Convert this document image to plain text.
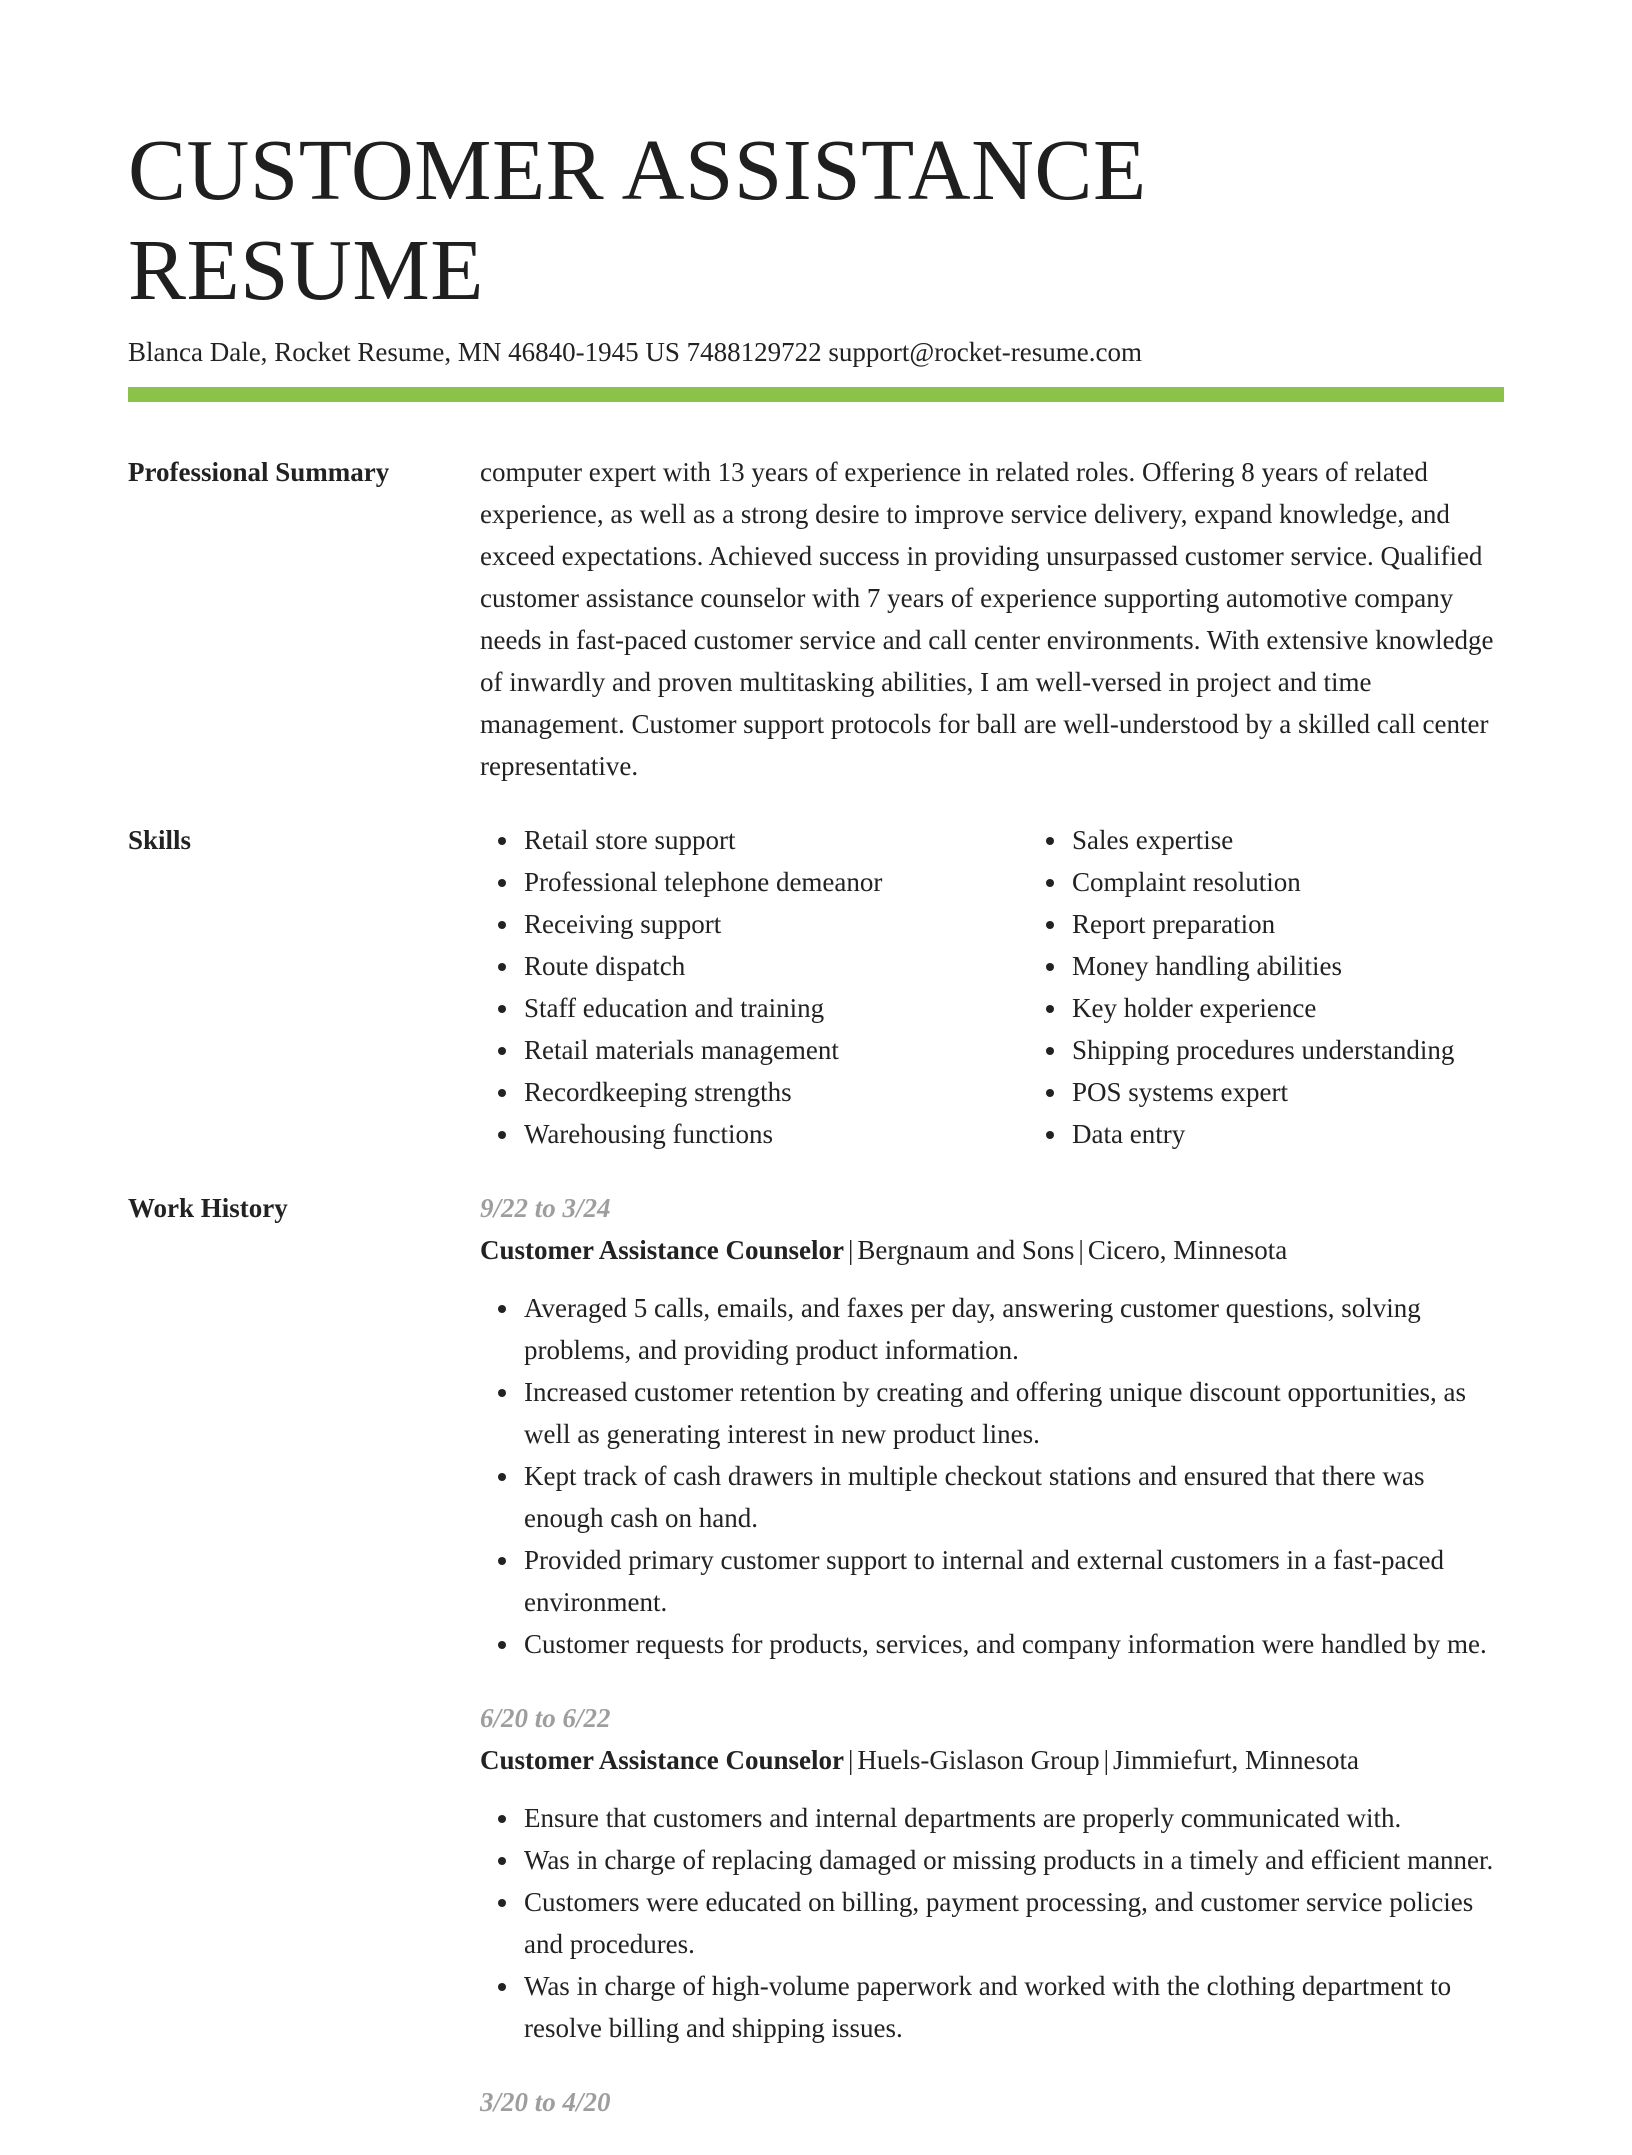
CUSTOMER ASSISTANCE RESUME
Blanca Dale, Rocket Resume, MN 46840-1945 US 7488129722 support@rocket-resume.com
Professional Summary	computer expert with 13 years of experience in related roles. Offering 8 years of related experience, as well as a strong desire to improve service delivery, expand knowledge, and exceed expectations. Achieved success in providing unsurpassed customer service. Qualified customer assistance counselor with 7 years of experience supporting automotive company needs in fast-paced customer service and call center environments. With extensive knowledge of inwardly and proven multitasking abilities, I am well-versed in project and time management. Customer support protocols for ball are well-understood by a skilled call center representative.
Skills	Retail store support
Professional telephone demeanor
Receiving support
Route dispatch
Staff education and training
Retail materials management
Recordkeeping strengths
Warehousing functions
Sales expertise
Complaint resolution
Report preparation
Money handling abilities
Key holder experience
Shipping procedures understanding
POS systems expert
Data entry
Work History	9/22 to 3/24
Customer Assistance Counselor | Bergnaum and Sons | Cicero, Minnesota
Averaged 5 calls, emails, and faxes per day, answering customer questions, solving problems, and providing product information.
Increased customer retention by creating and offering unique discount opportunities, as well as generating interest in new product lines.
Kept track of cash drawers in multiple checkout stations and ensured that there was enough cash on hand.
Provided primary customer support to internal and external customers in a fast-paced environment.
Customer requests for products, services, and company information were handled by me.
6/20 to 6/22
Customer Assistance Counselor | Huels-Gislason Group | Jimmiefurt, Minnesota
Ensure that customers and internal departments are properly communicated with.
Was in charge of replacing damaged or missing products in a timely and efficient manner.
Customers were educated on billing, payment processing, and customer service policies and procedures.
Was in charge of high-volume paperwork and worked with the clothing department to resolve billing and shipping issues.
3/20 to 4/20
